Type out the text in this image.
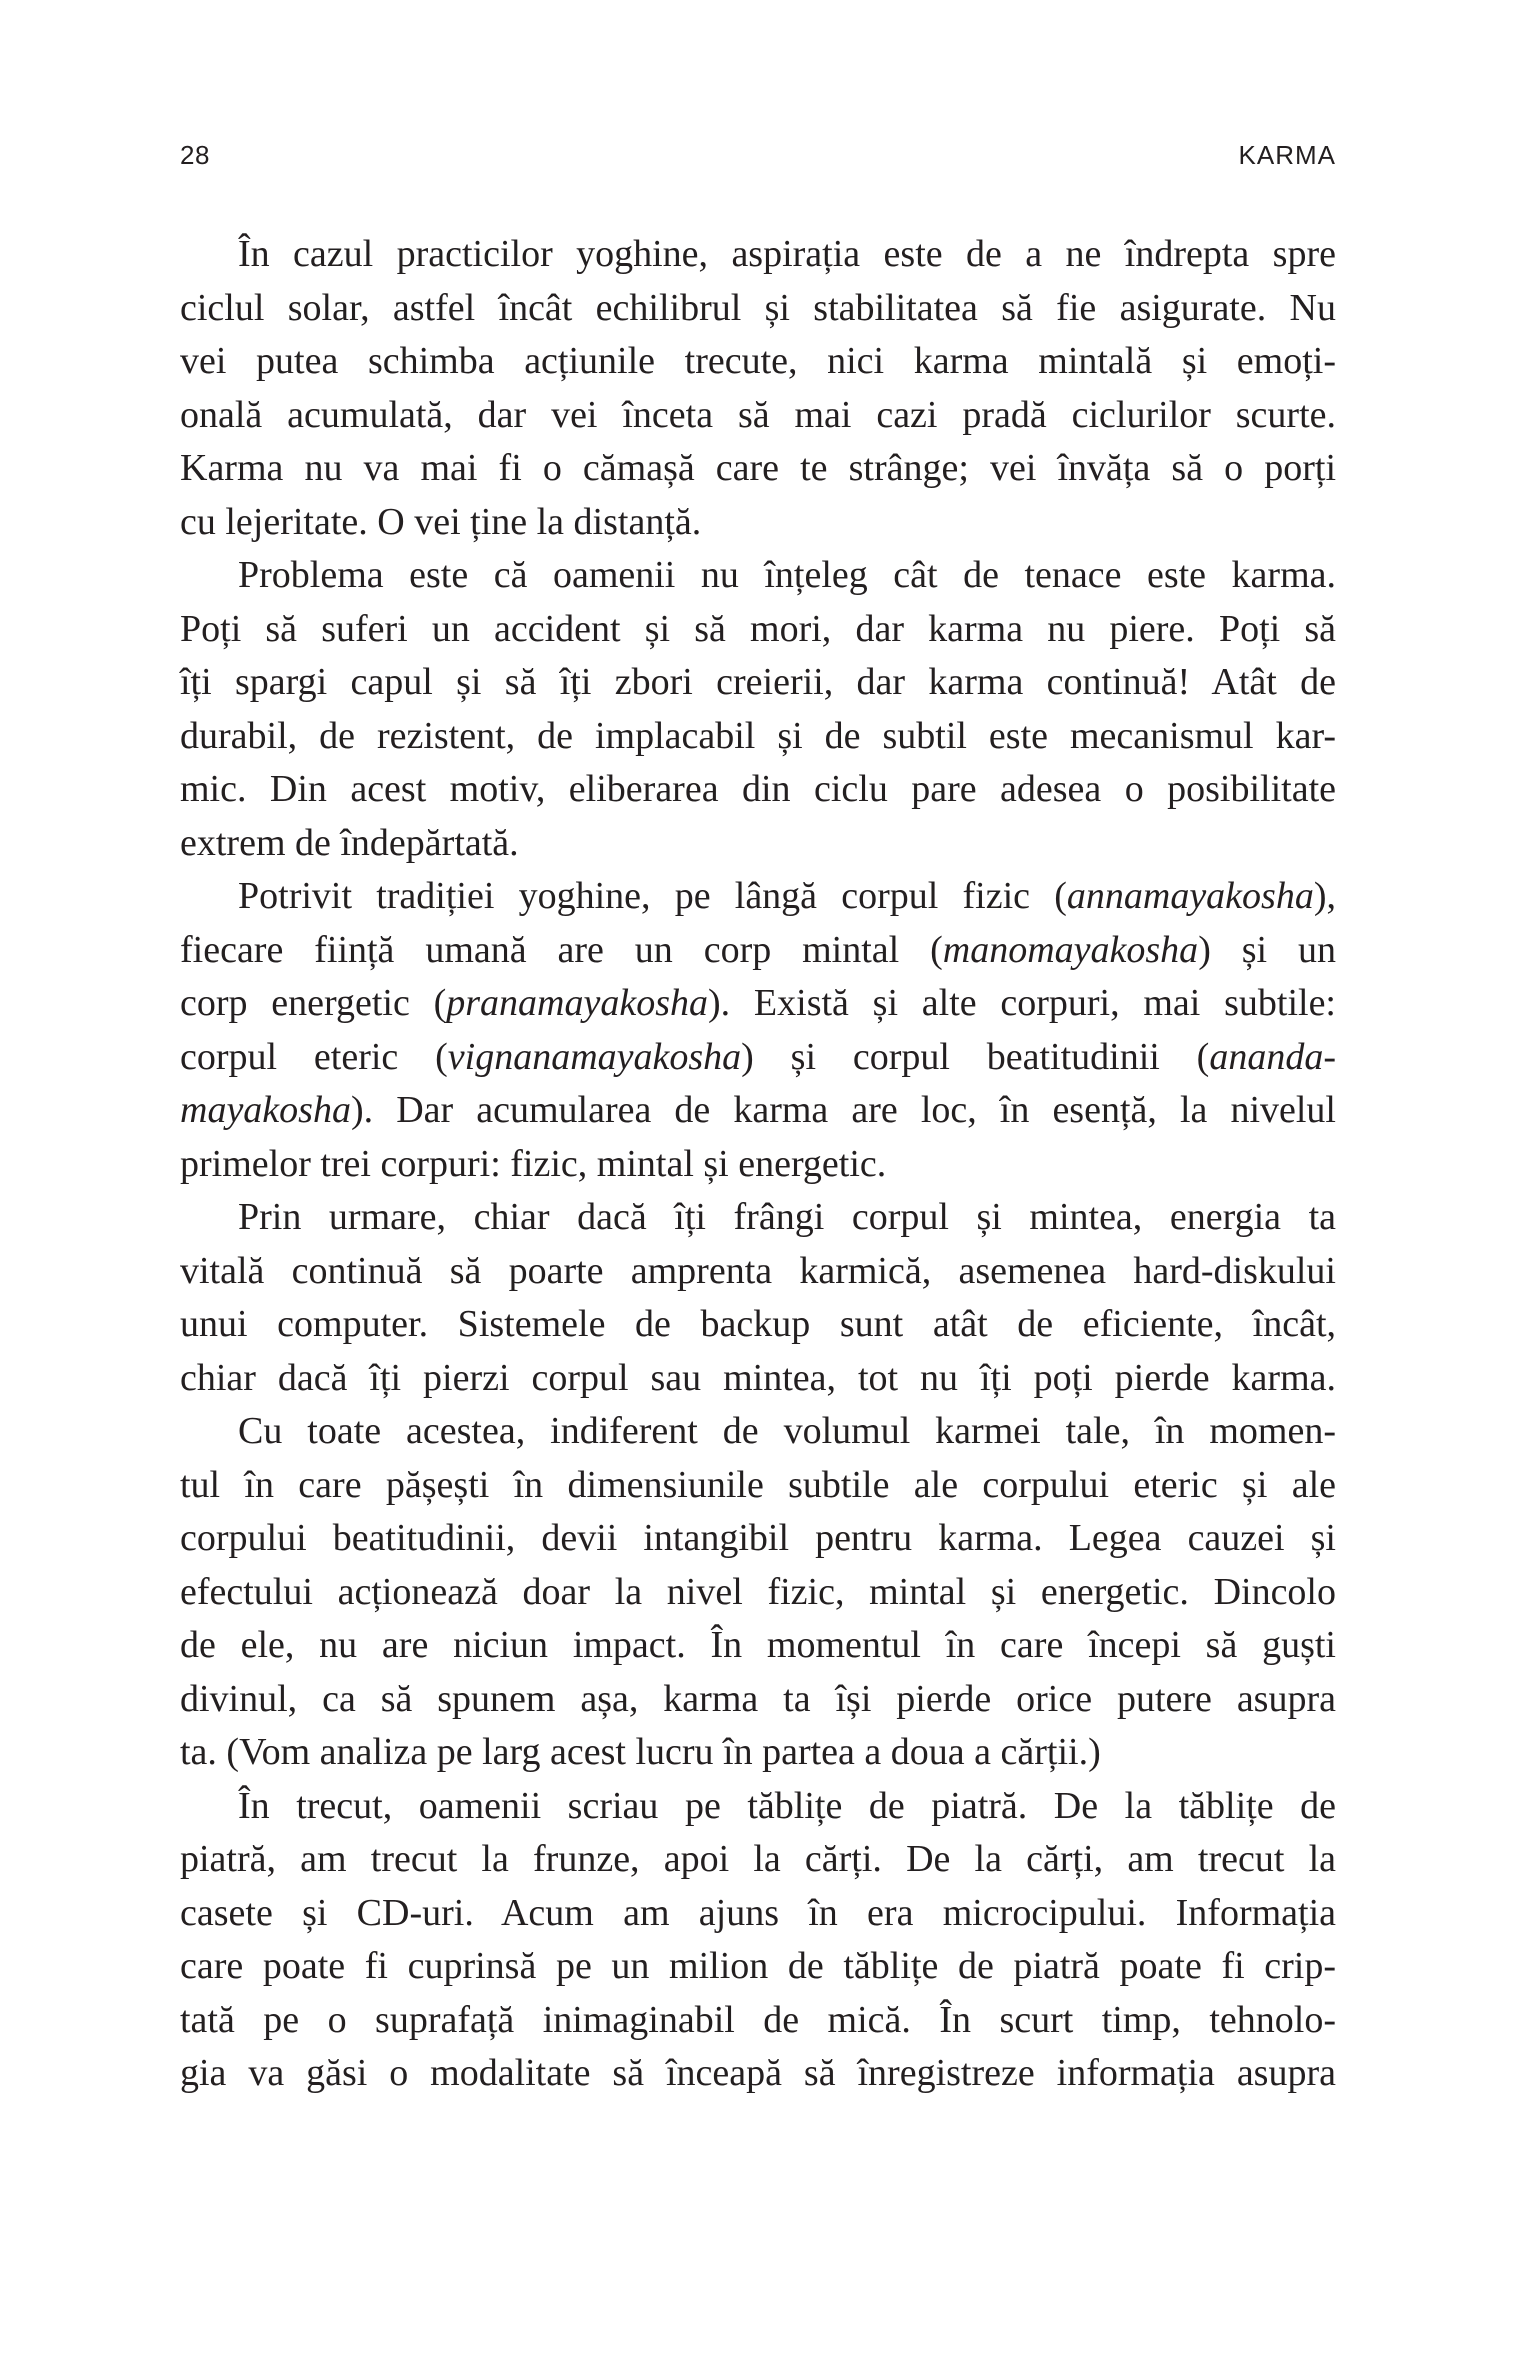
28	KARMA
În cazul practicilor yoghine, aspirația este de a ne îndrepta spre
ciclul solar, astfel încât echilibrul și stabilitatea să fie asigurate. Nu
vei putea schimba acțiunile trecute, nici karma mintală și emoți-
onală acumulată, dar vei înceta să mai cazi pradă ciclurilor scurte.
Karma nu va mai fi o cămașă care te strânge; vei învăța să o porți
cu lejeritate. O vei ține la distanță.
Problema este că oamenii nu înțeleg cât de tenace este karma.
Poți să suferi un accident și să mori, dar karma nu piere. Poți să
îți spargi capul și să îți zbori creierii, dar karma continuă! Atât de
durabil, de rezistent, de implacabil și de subtil este mecanismul kar-
mic. Din acest motiv, eliberarea din ciclu pare adesea o posibilitate
extrem de îndepărtată.
Potrivit tradiției yoghine, pe lângă corpul fizic (annamayakosha),
fiecare ființă umană are un corp mintal (manomayakosha) și un
corp energetic (pranamayakosha). Există și alte corpuri, mai subtile:
corpul eteric (vignanamayakosha) și corpul beatitudinii (ananda-
mayakosha). Dar acumularea de karma are loc, în esență, la nivelul
primelor trei corpuri: fizic, mintal și energetic.
Prin urmare, chiar dacă îți frângi corpul și mintea, energia ta
vitală continuă să poarte amprenta karmică, asemenea hard-diskului
unui computer. Sistemele de backup sunt atât de eficiente, încât,
chiar dacă îți pierzi corpul sau mintea, tot nu îți poți pierde karma.
Cu toate acestea, indiferent de volumul karmei tale, în momen-
tul în care pășești în dimensiunile subtile ale corpului eteric și ale
corpului beatitudinii, devii intangibil pentru karma. Legea cauzei și
efectului acționează doar la nivel fizic, mintal și energetic. Dincolo
de ele, nu are niciun impact. În momentul în care începi să guști
divinul, ca să spunem așa, karma ta își pierde orice putere asupra
ta. (Vom analiza pe larg acest lucru în partea a doua a cărții.)
În trecut, oamenii scriau pe tăblițe de piatră. De la tăblițe de
piatră, am trecut la frunze, apoi la cărți. De la cărți, am trecut la
casete și CD-uri. Acum am ajuns în era microcipului. Informația
care poate fi cuprinsă pe un milion de tăblițe de piatră poate fi crip-
tată pe o suprafață inimaginabil de mică. În scurt timp, tehnolo-
gia va găsi o modalitate să înceapă să înregistreze informația asupra
